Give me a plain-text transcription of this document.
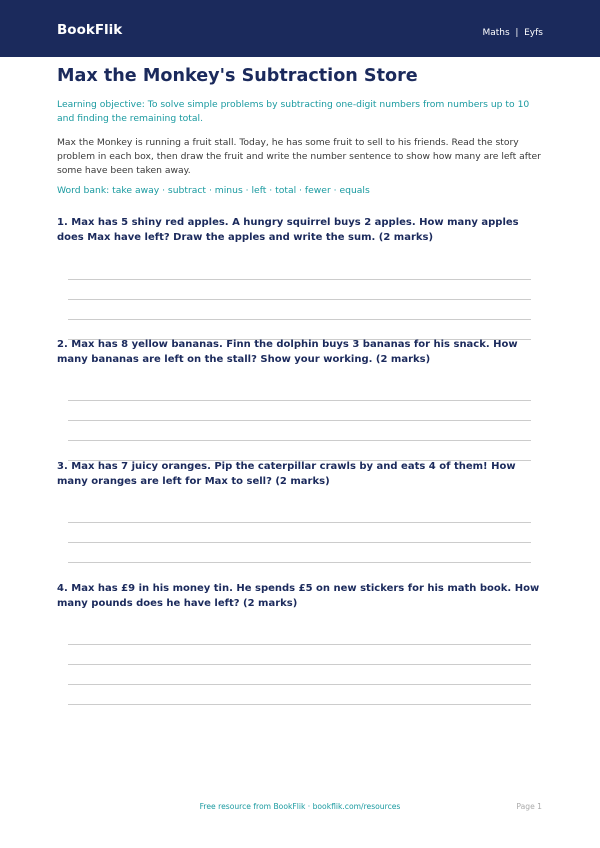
BookFlik	Maths  |  Eyfs
Max the Monkey's Subtraction Store
Learning objective: To solve simple problems by subtracting one-digit numbers from numbers up to 10 and finding the remaining total.
Max the Monkey is running a fruit stall. Today, he has some fruit to sell to his friends. Read the story problem in each box, then draw the fruit and write the number sentence to show how many are left after some have been taken away.
Word bank: take away · subtract · minus · left · total · fewer · equals
1. Max has 5 shiny red apples. A hungry squirrel buys 2 apples. How many apples does Max have left? Draw the apples and write the sum. (2 marks)
2. Max has 8 yellow bananas. Finn the dolphin buys 3 bananas for his snack. How many bananas are left on the stall? Show your working. (2 marks)
3. Max has 7 juicy oranges. Pip the caterpillar crawls by and eats 4 of them! How many oranges are left for Max to sell? (2 marks)
4. Max has £9 in his money tin. He spends £5 on new stickers for his math book. How many pounds does he have left? (2 marks)
Free resource from BookFlik · bookflik.com/resources	Page 1
